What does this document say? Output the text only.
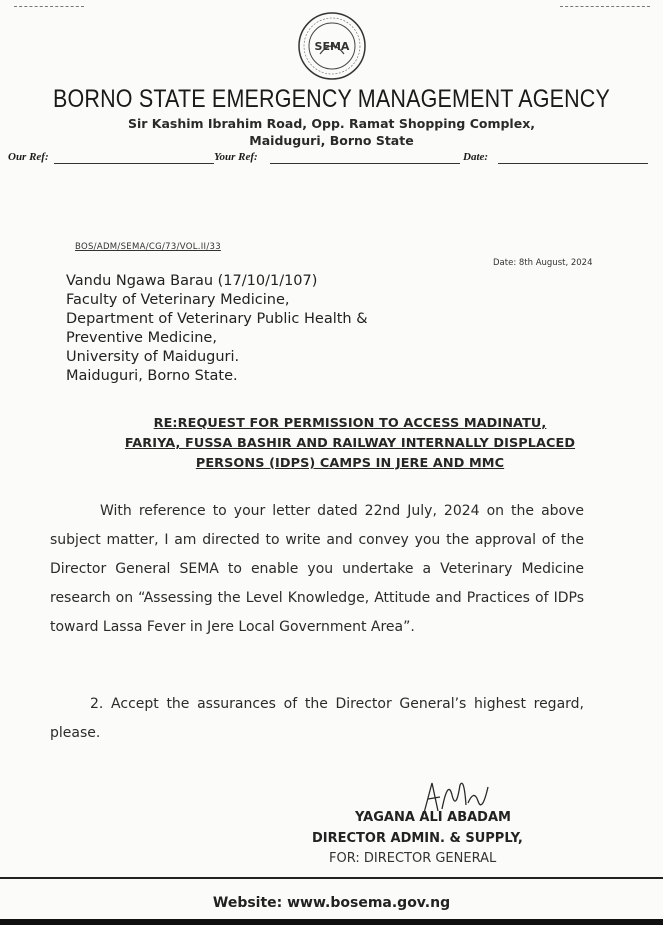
SEMA
BORNO STATE EMERGENCY MANAGEMENT AGENCY
Sir Kashim Ibrahim Road, Opp. Ramat Shopping Complex,
Maiduguri, Borno State
Our Ref:	Your Ref:	Date:
BOS/ADM/SEMA/CG/73/VOL.II/33
Date: 8th August, 2024
Vandu Ngawa Barau (17/10/1/107)
Faculty of Veterinary Medicine,
Department of Veterinary Public Health &
Preventive Medicine,
University of Maiduguri.
Maiduguri, Borno State.
RE:REQUEST FOR PERMISSION TO ACCESS MADINATU,
FARIYA, FUSSA BASHIR AND RAILWAY INTERNALLY DISPLACED
PERSONS (IDPS) CAMPS IN JERE AND MMC
With reference to your letter dated 22nd July, 2024 on the above subject matter, I am directed to write and convey you the approval of the Director General SEMA to enable you undertake a Veterinary Medicine research on “Assessing the Level Knowledge, Attitude and Practices of IDPs toward Lassa Fever in Jere Local Government Area”.
2. Accept the assurances of the Director General’s highest regard, please.
YAGANA ALI ABADAM
DIRECTOR ADMIN. & SUPPLY,
FOR: DIRECTOR GENERAL
Website: www.bosema.gov.ng
